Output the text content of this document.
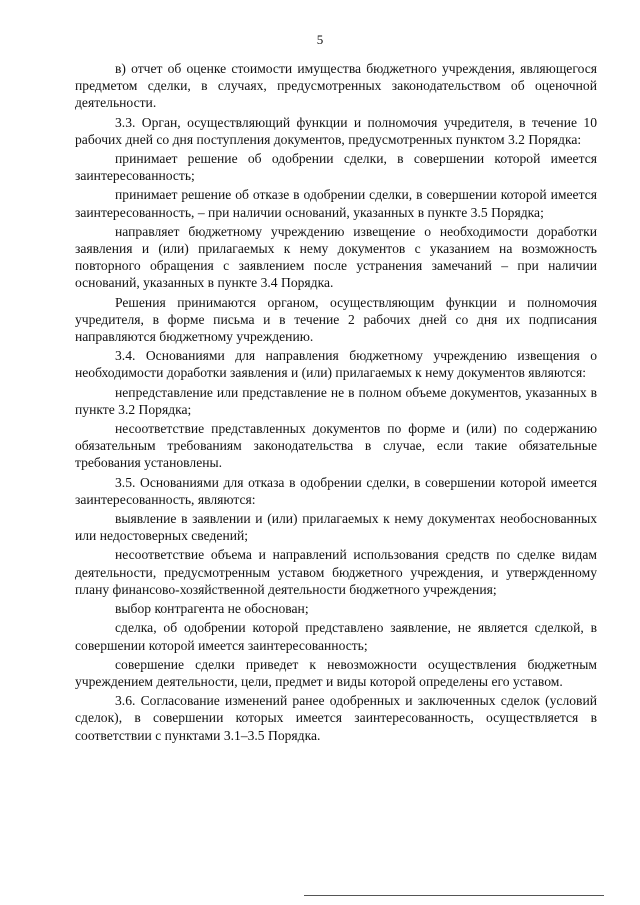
5

в) отчет об оценке стоимости имущества бюджетного учреждения, являющегося предметом сделки, в случаях, предусмотренных законодательством об оценочной деятельности.

3.3. Орган, осуществляющий функции и полномочия учредителя, в течение 10 рабочих дней со дня поступления документов, предусмотренных пунктом 3.2 Порядка:

принимает решение об одобрении сделки, в совершении которой имеется заинтересованность;

принимает решение об отказе в одобрении сделки, в совершении которой имеется заинтересованность, – при наличии оснований, указанных в пункте 3.5 Порядка;

направляет бюджетному учреждению извещение о необходимости доработки заявления и (или) прилагаемых к нему документов с указанием на возможность повторного обращения с заявлением после устранения замечаний – при наличии оснований, указанных в пункте 3.4 Порядка.

Решения принимаются органом, осуществляющим функции и полномочия учредителя, в форме письма и в течение 2 рабочих дней со дня их подписания направляются бюджетному учреждению.

3.4. Основаниями для направления бюджетному учреждению извещения о необходимости доработки заявления и (или) прилагаемых к нему документов являются:

непредставление или представление не в полном объеме документов, указанных в пункте 3.2 Порядка;

несоответствие представленных документов по форме и (или) по содержанию обязательным требованиям законодательства в случае, если такие обязательные требования установлены.

3.5. Основаниями для отказа в одобрении сделки, в совершении которой имеется заинтересованность, являются:

выявление в заявлении и (или) прилагаемых к нему документах необоснованных или недостоверных сведений;

несоответствие объема и направлений использования средств по сделке видам деятельности, предусмотренным уставом бюджетного учреждения, и утвержденному плану финансово-хозяйственной деятельности бюджетного учреждения;

выбор контрагента не обоснован;

сделка, об одобрении которой представлено заявление, не является сделкой, в совершении которой имеется заинтересованность;

совершение сделки приведет к невозможности осуществления бюджетным учреждением деятельности, цели, предмет и виды которой определены его уставом.

3.6. Согласование изменений ранее одобренных и заключенных сделок (условий сделок), в совершении которых имеется заинтересованность, осуществляется в соответствии с пунктами 3.1–3.5 Порядка.
